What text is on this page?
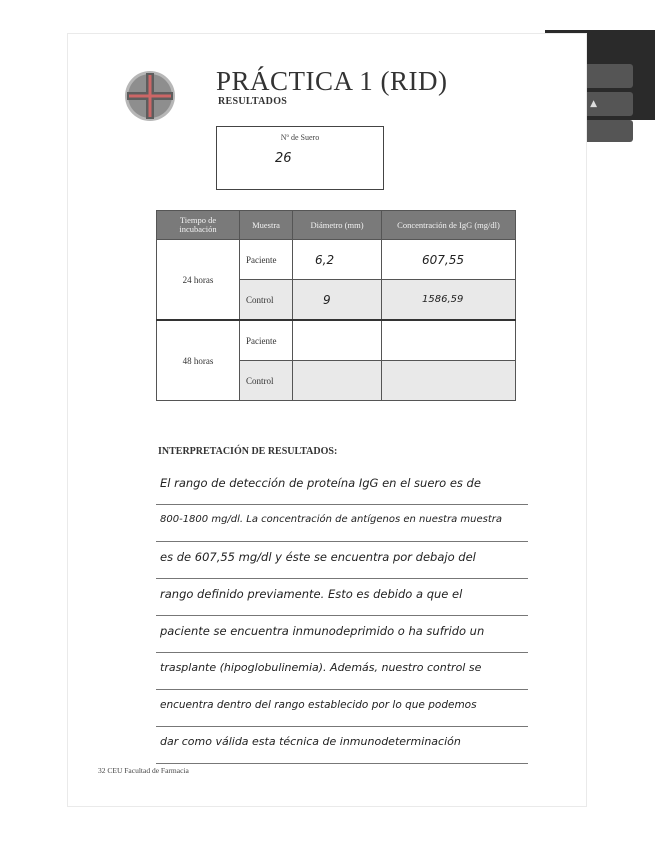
▲
PRÁCTICA 1 (RID)
RESULTADOS
Nº de Suero
26
Tiempo de incubación	Muestra	Diámetro (mm)	Concentración de IgG (mg/dl)
24 horas	Paciente	6,2	607,55
	Control	9	1586,59
48 horas	Paciente		
	Control		
INTERPRETACIÓN DE RESULTADOS:
El rango de detección de proteína IgG en el suero es de
800-1800 mg/dl. La concentración de antígenos en nuestra muestra
es de 607,55 mg/dl y éste se encuentra por debajo del
rango definido previamente. Esto es debido a que el
paciente se encuentra inmunodeprimido o ha sufrido un
trasplante (hipoglobulinemia). Además, nuestro control se
encuentra dentro del rango establecido por lo que podemos
dar como válida esta técnica de inmunodeterminación
32 CEU Facultad de Farmacia
